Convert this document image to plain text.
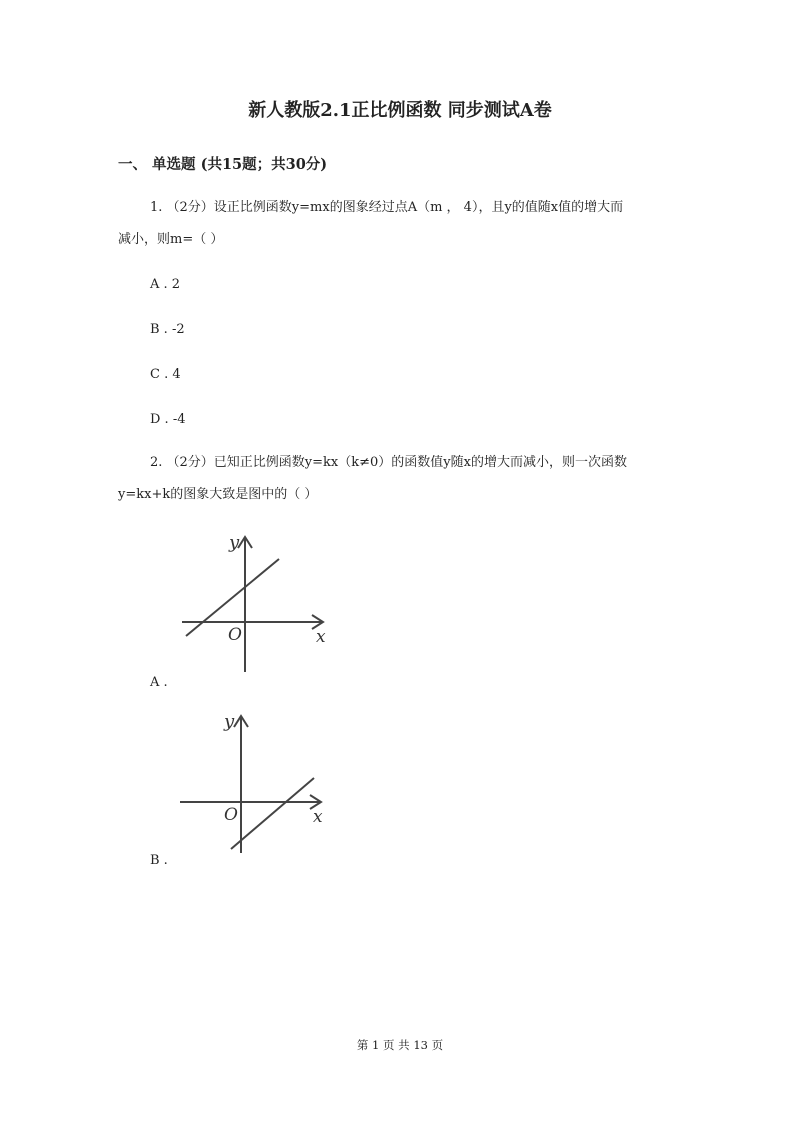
新人教版2.1正比例函数 同步测试A卷
一、 单选题 (共15题；共30分)
1. （2分）设正比例函数y=mx的图象经过点A（m ， 4），且y的值随x值的增大而
减小，则m=（ ）
A . 2
B . -2
C . 4
D . -4
2. （2分）已知正比例函数y=kx（k≠0）的函数值y随x的增大而减小，则一次函数
y=kx+k的图象大致是图中的（ ）
y
x
O
A .
y
x
O
B .
第 1 页 共 13 页
